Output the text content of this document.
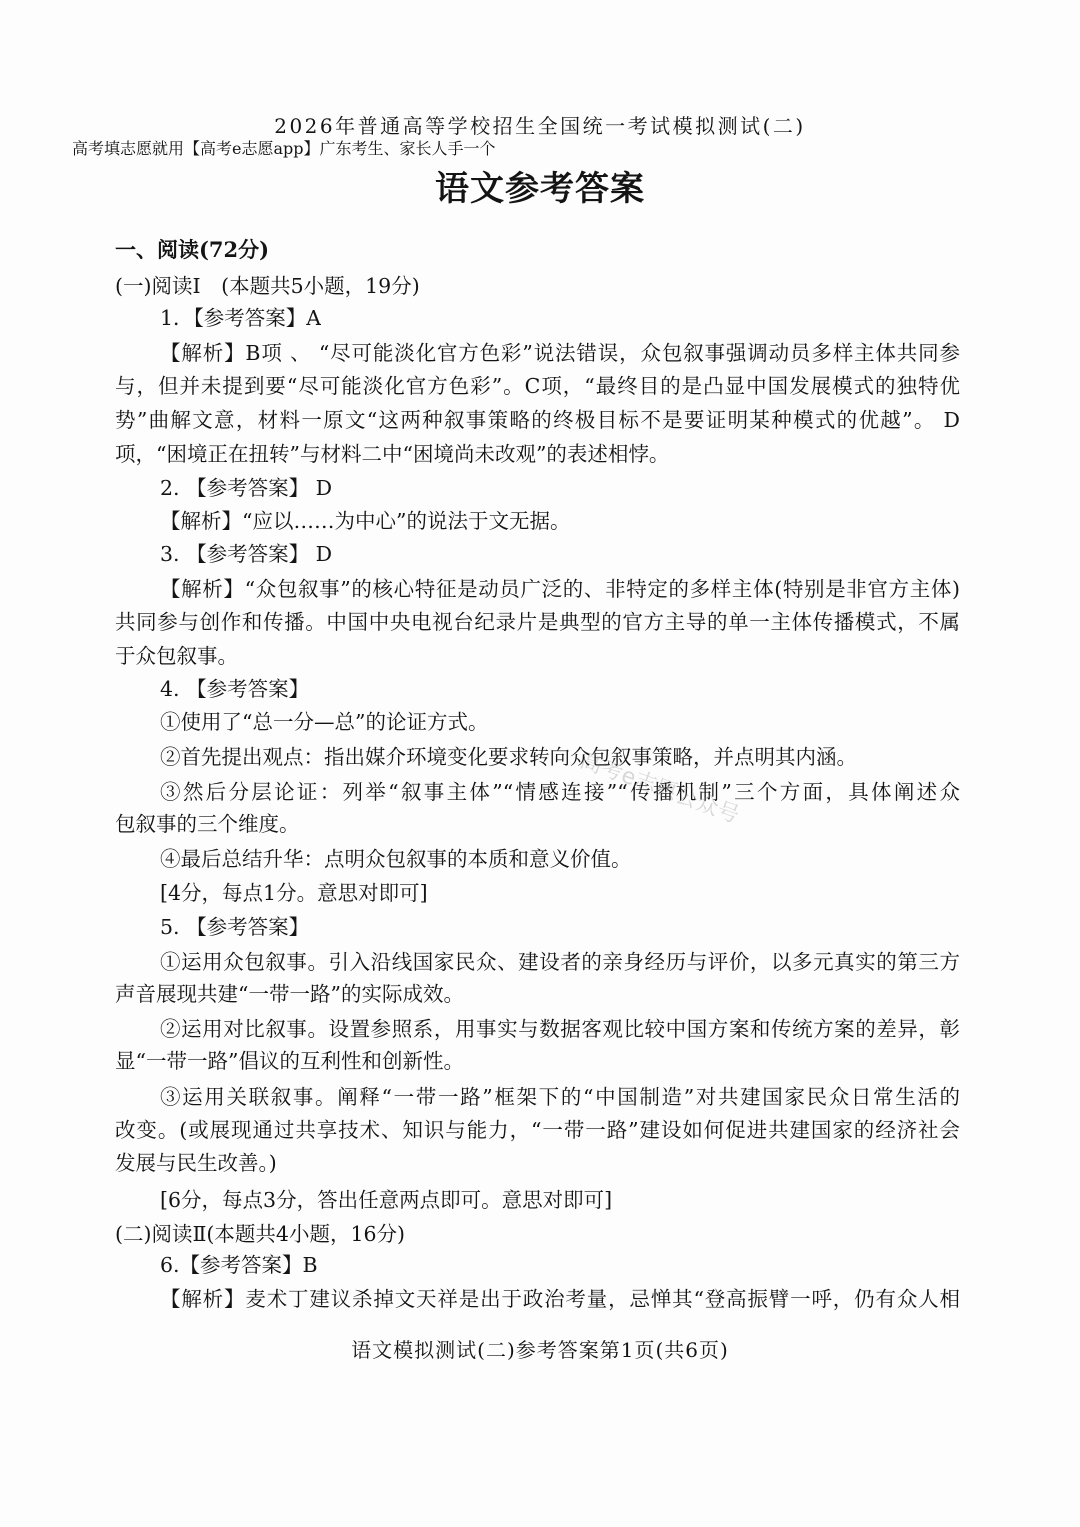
2026年普通高等学校招生全国统一考试模拟测试(二)
高考填志愿就用【高考e志愿app】广东考生、家长人手一个
语文参考答案
一、阅读(72分)
(一)阅读I　(本题共5小题，19分)
1．【参考答案】A
【解析】B项 、 “尽可能淡化官方色彩”说法错误，众包叙事强调动员多样主体共同参
与，但并未提到要“尽可能淡化官方色彩”。C项，“最终目的是凸显中国发展模式的独特优
势”曲解文意，材料一原文“这两种叙事策略的终极目标不是要证明某种模式的优越”。 D
项，“困境正在扭转”与材料二中“困境尚未改观”的表述相悖。
2. 【参考答案】 D
【解析】“应以……为中心”的说法于文无据。
3. 【参考答案】 D
【解析】“众包叙事”的核心特征是动员广泛的、非特定的多样主体(特别是非官方主体)
共同参与创作和传播。中国中央电视台纪录片是典型的官方主导的单一主体传播模式，不属
于众包叙事。
4. 【参考答案】
①使用了“总一分—总”的论证方式。
②首先提出观点：指出媒介环境变化要求转向众包叙事策略，并点明其内涵。
③然后分层论证：列举“叙事主体”“情感连接”“传播机制”三个方面，具体阐述众
包叙事的三个维度。
④最后总结升华：点明众包叙事的本质和意义价值。
[4分，每点1分。意思对即可]
5. 【参考答案】
①运用众包叙事。引入沿线国家民众、建设者的亲身经历与评价，以多元真实的第三方
声音展现共建“一带一路”的实际成效。
②运用对比叙事。设置参照系，用事实与数据客观比较中国方案和传统方案的差异，彰
显“一带一路”倡议的互利性和创新性。
③运用关联叙事。阐释“一带一路”框架下的“中国制造”对共建国家民众日常生活的
改变。(或展现通过共享技术、知识与能力，“一带一路”建设如何促进共建国家的经济社会
发展与民生改善。)
[6分，每点3分，答出任意两点即可。意思对即可]
(二)阅读Ⅱ(本题共4小题，16分)
6.【参考答案】B
【解析】麦术丁建议杀掉文天祥是出于政治考量，忌惮其“登高振臂一呼，仍有众人相
语文模拟测试(二)参考答案第1页(共6页)
高考e志愿公众号
